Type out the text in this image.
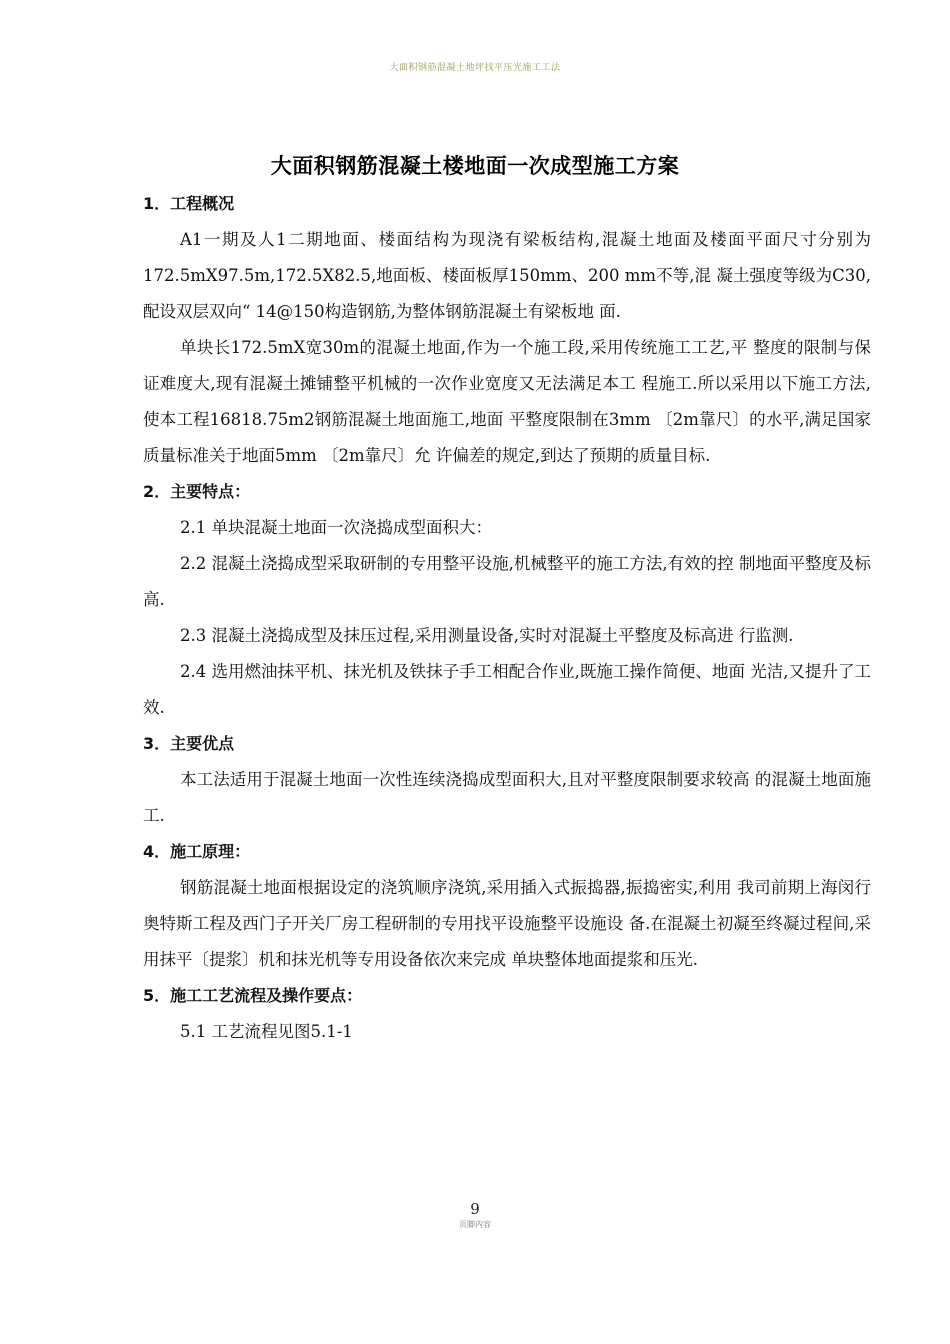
大面积钢筋混凝土地坪找平压光施工工法
大面积钢筋混凝土楼地面一次成型施工方案

1．工程概况

A1一期及人1二期地面、楼面结构为现浇有梁板结构,混凝土地面及楼面平面尺寸分别为172.5mX97.5m,172.5X82.5,地面板、楼面板厚150mm、200 mm不等,混 凝土强度等级为C30,配设双层双向“ 14@150构造钢筋,为整体钢筋混凝土有梁板地 面.

单块长172.5mX宽30m的混凝土地面,作为一个施工段,采用传统施工工艺,平 整度的限制与保证难度大,现有混凝土摊铺整平机械的一次作业宽度又无法满足本工 程施工.所以采用以下施工方法,使本工程16818.75m2钢筋混凝土地面施工,地面 平整度限制在3mm 〔2m靠尺〕的水平,满足国家质量标准关于地面5mm 〔2m靠尺〕允 许偏差的规定,到达了预期的质量目标.

2．主要特点：

2.1 单块混凝土地面一次浇捣成型面积大：

2.2 混凝土浇捣成型采取研制的专用整平设施,机械整平的施工方法,有效的控 制地面平整度及标高.

2.3 混凝土浇捣成型及抹压过程,采用测量设备,实时对混凝土平整度及标高进 行监测.

2.4 选用燃油抹平机、抹光机及铁抹子手工相配合作业,既施工操作简便、地面 光洁,又提升了工效.

3．主要优点

本工法适用于混凝土地面一次性连续浇捣成型面积大,且对平整度限制要求较高 的混凝土地面施工.

4．施工原理：

钢筋混凝土地面根据设定的浇筑顺序浇筑,采用插入式振捣器,振捣密实,利用 我司前期上海闵行奥特斯工程及西门子开关厂房工程研制的专用找平设施整平设施设 备.在混凝土初凝至终凝过程间,采用抹平〔提浆〕机和抹光机等专用设备依次来完成 单块整体地面提浆和压光.

5．施工工艺流程及操作要点：

5.1 工艺流程见图5.1-1

9
页脚内容
